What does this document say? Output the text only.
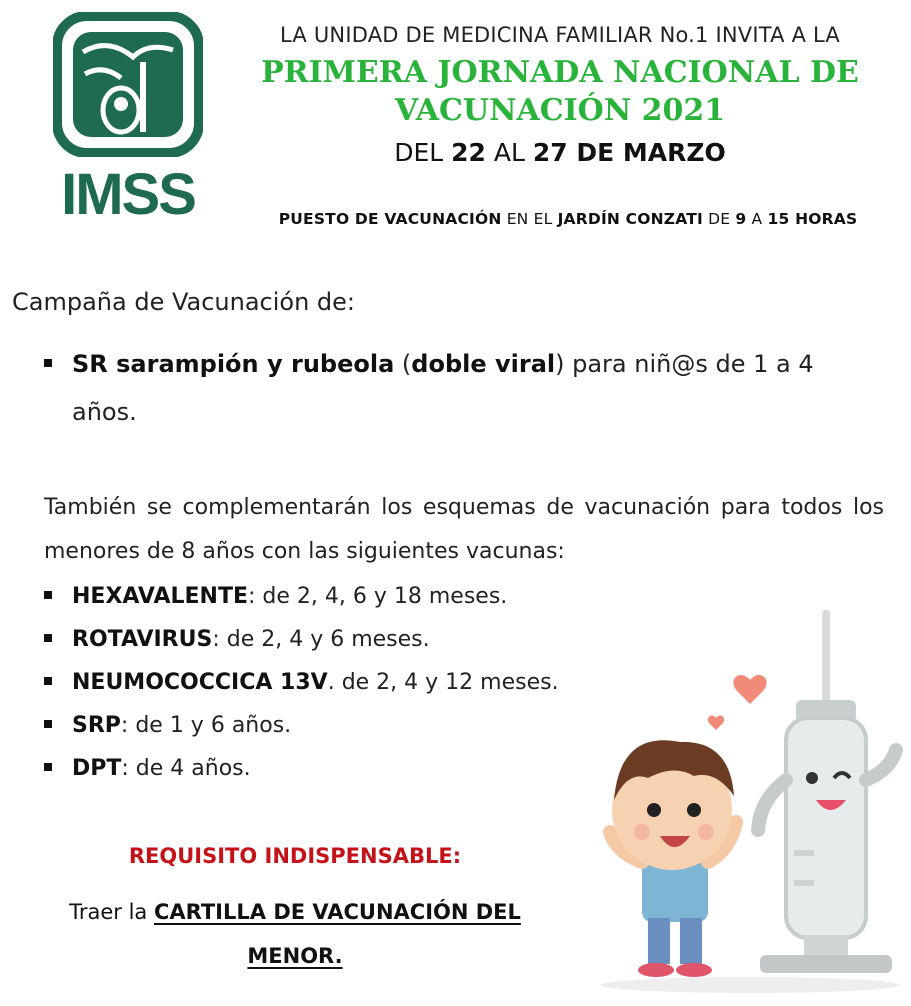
IMSS
LA UNIDAD DE MEDICINA FAMILIAR No.1 INVITA A LA
PRIMERA JORNADA NACIONAL DE
VACUNACIÓN 2021
DEL 22 AL 27 DE MARZO
PUESTO DE VACUNACIÓN EN EL JARDÍN CONZATI DE 9 A 15 HORAS
Campaña de Vacunación de:
SR sarampión y rubeola (doble viral) para niñ@s de 1 a 4
años.
También se complementarán los esquemas de vacunación para todos los menores de 8 años con las siguientes vacunas:
HEXAVALENTE: de 2, 4, 6 y 18 meses.
ROTAVIRUS: de 2, 4 y 6 meses.
NEUMOCOCCICA 13V. de 2, 4 y 12 meses.
SRP: de 1 y 6 años.
DPT: de 4 años.
REQUISITO INDISPENSABLE:
Traer la CARTILLA DE VACUNACIÓN DEL
MENOR.
